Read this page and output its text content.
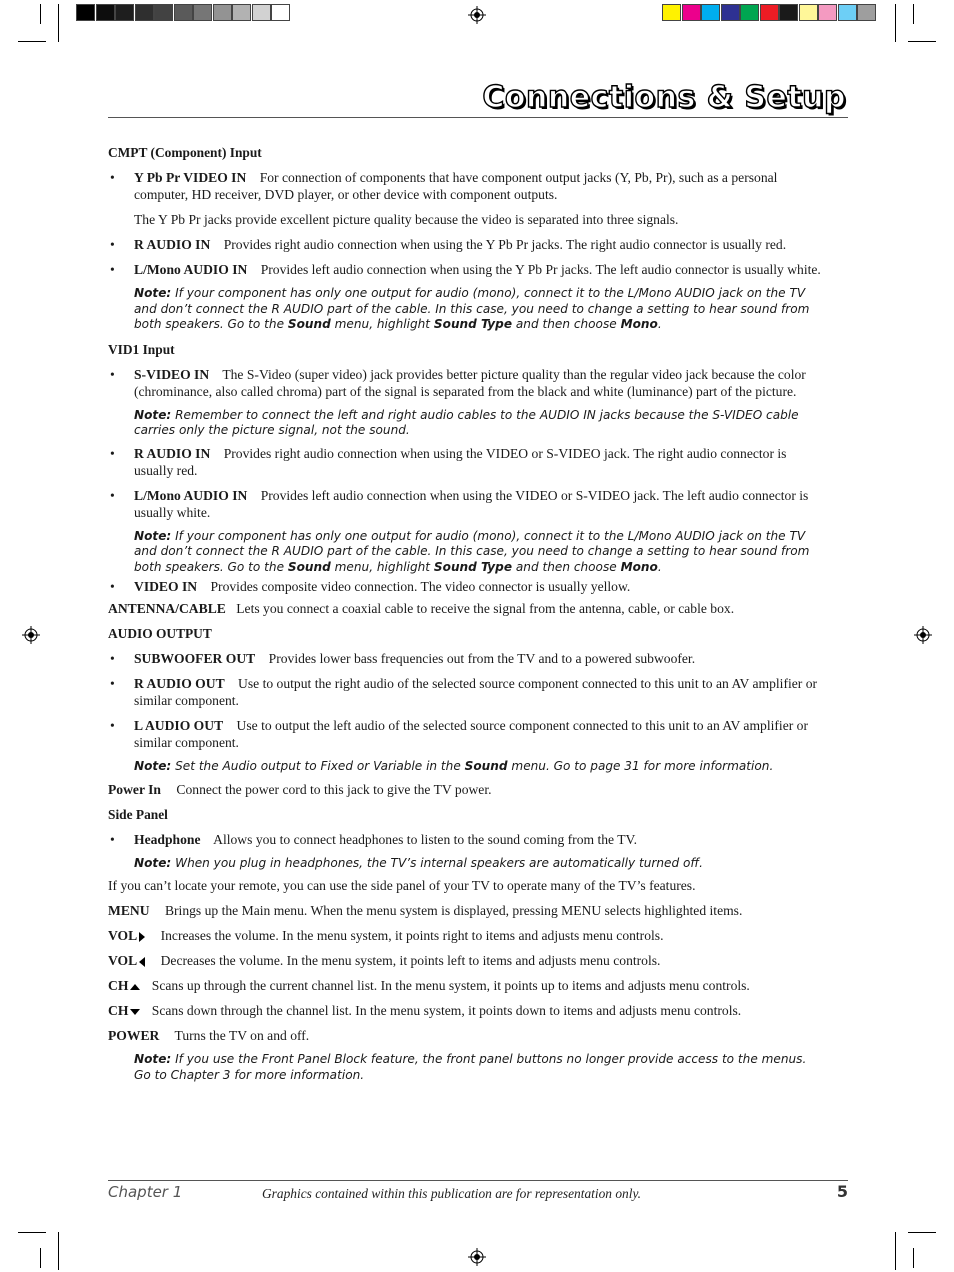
Connections & Setup
CMPT (Component) Input
• Y Pb Pr VIDEO IN For connection of components that have component output jacks (Y, Pb, Pr), such as a personal computer, HD receiver, DVD player, or other device with component outputs.
The Y Pb Pr jacks provide excellent picture quality because the video is separated into three signals.
• R AUDIO IN Provides right audio connection when using the Y Pb Pr jacks. The right audio connector is usually red.
• L/Mono AUDIO IN Provides left audio connection when using the Y Pb Pr jacks. The left audio connector is usually white.
Note: If your component has only one output for audio (mono), connect it to the L/Mono AUDIO jack on the TV and don’t connect the R AUDIO part of the cable. In this case, you need to change a setting to hear sound from both speakers. Go to the Sound menu, highlight Sound Type and then choose Mono.
VID1 Input
• S-VIDEO IN The S-Video (super video) jack provides better picture quality than the regular video jack because the color (chrominance, also called chroma) part of the signal is separated from the black and white (luminance) part of the picture.
Note: Remember to connect the left and right audio cables to the AUDIO IN jacks because the S-VIDEO cable carries only the picture signal, not the sound.
• R AUDIO IN Provides right audio connection when using the VIDEO or S-VIDEO jack. The right audio connector is usually red.
• L/Mono AUDIO IN Provides left audio connection when using the VIDEO or S-VIDEO jack. The left audio connector is usually white.
Note: If your component has only one output for audio (mono), connect it to the L/Mono AUDIO jack on the TV and don’t connect the R AUDIO part of the cable. In this case, you need to change a setting to hear sound from both speakers. Go to the Sound menu, highlight Sound Type and then choose Mono.
• VIDEO IN Provides composite video connection. The video connector is usually yellow.
ANTENNA/CABLE Lets you connect a coaxial cable to receive the signal from the antenna, cable, or cable box.
AUDIO OUTPUT
• SUBWOOFER OUT Provides lower bass frequencies out from the TV and to a powered subwoofer.
• R AUDIO OUT Use to output the right audio of the selected source component connected to this unit to an AV amplifier or similar component.
• L AUDIO OUT Use to output the left audio of the selected source component connected to this unit to an AV amplifier or similar component.
Note: Set the Audio output to Fixed or Variable in the Sound menu. Go to page 31 for more information.
Power In Connect the power cord to this jack to give the TV power.
Side Panel
• Headphone Allows you to connect headphones to listen to the sound coming from the TV.
Note: When you plug in headphones, the TV’s internal speakers are automatically turned off.
If you can’t locate your remote, you can use the side panel of your TV to operate many of the TV’s features.
MENU Brings up the Main menu. When the menu system is displayed, pressing MENU selects highlighted items.
VOL Increases the volume. In the menu system, it points right to items and adjusts menu controls.
VOL Decreases the volume. In the menu system, it points left to items and adjusts menu controls.
CH Scans up through the current channel list. In the menu system, it points up to items and adjusts menu controls.
CH Scans down through the channel list. In the menu system, it points down to items and adjusts menu controls.
POWER Turns the TV on and off.
Note: If you use the Front Panel Block feature, the front panel buttons no longer provide access to the menus. Go to Chapter 3 for more information.
Chapter 1	Graphics contained within this publication are for representation only.	5
